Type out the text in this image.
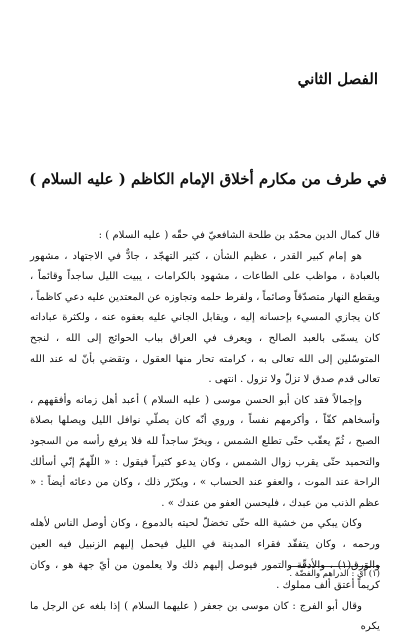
الفصل الثاني
في طرف من مكارم أخلاق الإمام الكاظم ( عليه السلام )

قال كمال الدين محمّد بن طلحة الشافعيّ في حقّه ( عليه السلام ) :

هو إمام كبير القدر ، عظيم الشأن ، كثير التهجّد ، جادٌّ في الاجتهاد ، مشهور بالعبادة ، مواظب على الطاعات ، مشهود بالكرامات ، يبيت الليل ساجداً وقائماً ، ويقطع النهار متصدّقاً وصائماً ، ولفرط حلمه وتجاوزه عن المعتدين عليه دعي كاظماً ، كان يجازي المسيء بإحسانه إليه ، ويقابل الجاني عليه بعفوه عنه ، ولكثرة عباداته كان يسمّى بالعبد الصالح ، ويعرف في العراق بباب الحوائج إلى الله ، لنجح المتوسّلين إلى الله تعالى به ، كرامته تحار منها العقول ، وتقضي بأنّ له عند الله تعالى قدم صدق لا تزلّ ولا تزول . انتهى .

وإجمالاً فقد كان أبو الحسن موسى ( عليه السلام ) أعبد أهل زمانه وأفقههم ، وأسخاهم كفّاً ، وأكرمهم نفساً ، وروي أنّه كان يصلّي نوافل الليل ويصلها بصلاة الصبح ، ثُمّ يعقّب حتّى تطلع الشمس ، ويخرّ ساجداً لله فلا يرفع رأسه من السجود والتحميد حتّى يقرب زوال الشمس ، وكان يدعو كثيراً فيقول : « اللّهمّ إنّي أسألك الراحة عند الموت ، والعفو عند الحساب » ، ويكرّر ذلك ، وكان من دعائه أيضاً : « عظم الذنب من عبدك ، فليحسن العفو من عندك » .

وكان يبكي من خشية الله حتّى تخضلّ لحيته بالدموع ، وكان أوصل الناس لأهله ورحمه ، وكان يتفقّد فقراء المدينة في الليل فيحمل إليهم الزنبيل فيه العين والوَرِق(١) ، والأدقّة والتمور فيوصل إليهم ذلك ولا يعلمون من أيّ جهة هو ، وكان كريماً أعتق ألف مملوك .

وقال أبو الفرج : كان موسى بن جعفر ( عليهما السلام ) إذا بلغه عن الرجل ما يكره

(١) أي : الدراهم والفضّة .
